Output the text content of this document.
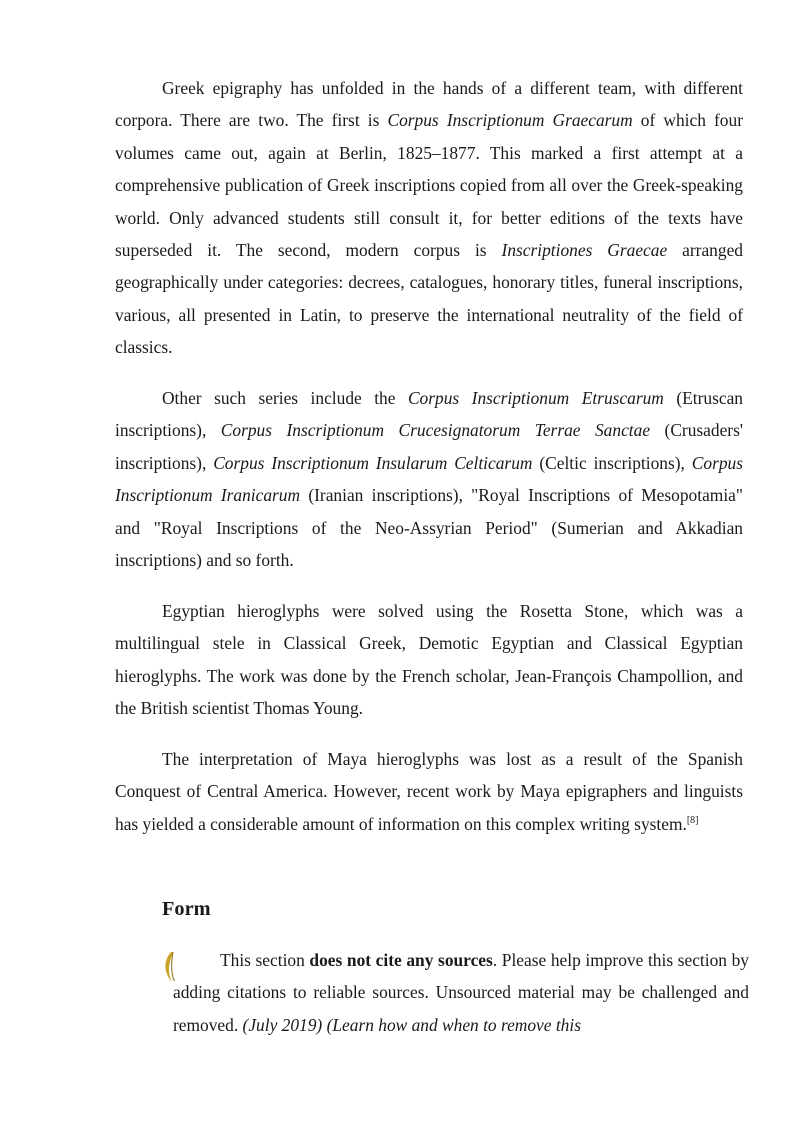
Greek epigraphy has unfolded in the hands of a different team, with different corpora. There are two. The first is Corpus Inscriptionum Graecarum of which four volumes came out, again at Berlin, 1825–1877. This marked a first attempt at a comprehensive publication of Greek inscriptions copied from all over the Greek-speaking world. Only advanced students still consult it, for better editions of the texts have superseded it. The second, modern corpus is Inscriptiones Graecae arranged geographically under categories: decrees, catalogues, honorary titles, funeral inscriptions, various, all presented in Latin, to preserve the international neutrality of the field of classics.

Other such series include the Corpus Inscriptionum Etruscarum (Etruscan inscriptions), Corpus Inscriptionum Crucesignatorum Terrae Sanctae (Crusaders' inscriptions), Corpus Inscriptionum Insularum Celticarum (Celtic inscriptions), Corpus Inscriptionum Iranicarum (Iranian inscriptions), "Royal Inscriptions of Mesopotamia" and "Royal Inscriptions of the Neo-Assyrian Period" (Sumerian and Akkadian inscriptions) and so forth.

Egyptian hieroglyphs were solved using the Rosetta Stone, which was a multilingual stele in Classical Greek, Demotic Egyptian and Classical Egyptian hieroglyphs. The work was done by the French scholar, Jean-François Champollion, and the British scientist Thomas Young.

The interpretation of Maya hieroglyphs was lost as a result of the Spanish Conquest of Central America. However, recent work by Maya epigraphers and linguists has yielded a considerable amount of information on this complex writing system.[8]

Form

This section does not cite any sources. Please help improve this section by adding citations to reliable sources. Unsourced material may be challenged and removed. (July 2019) (Learn how and when to remove this
